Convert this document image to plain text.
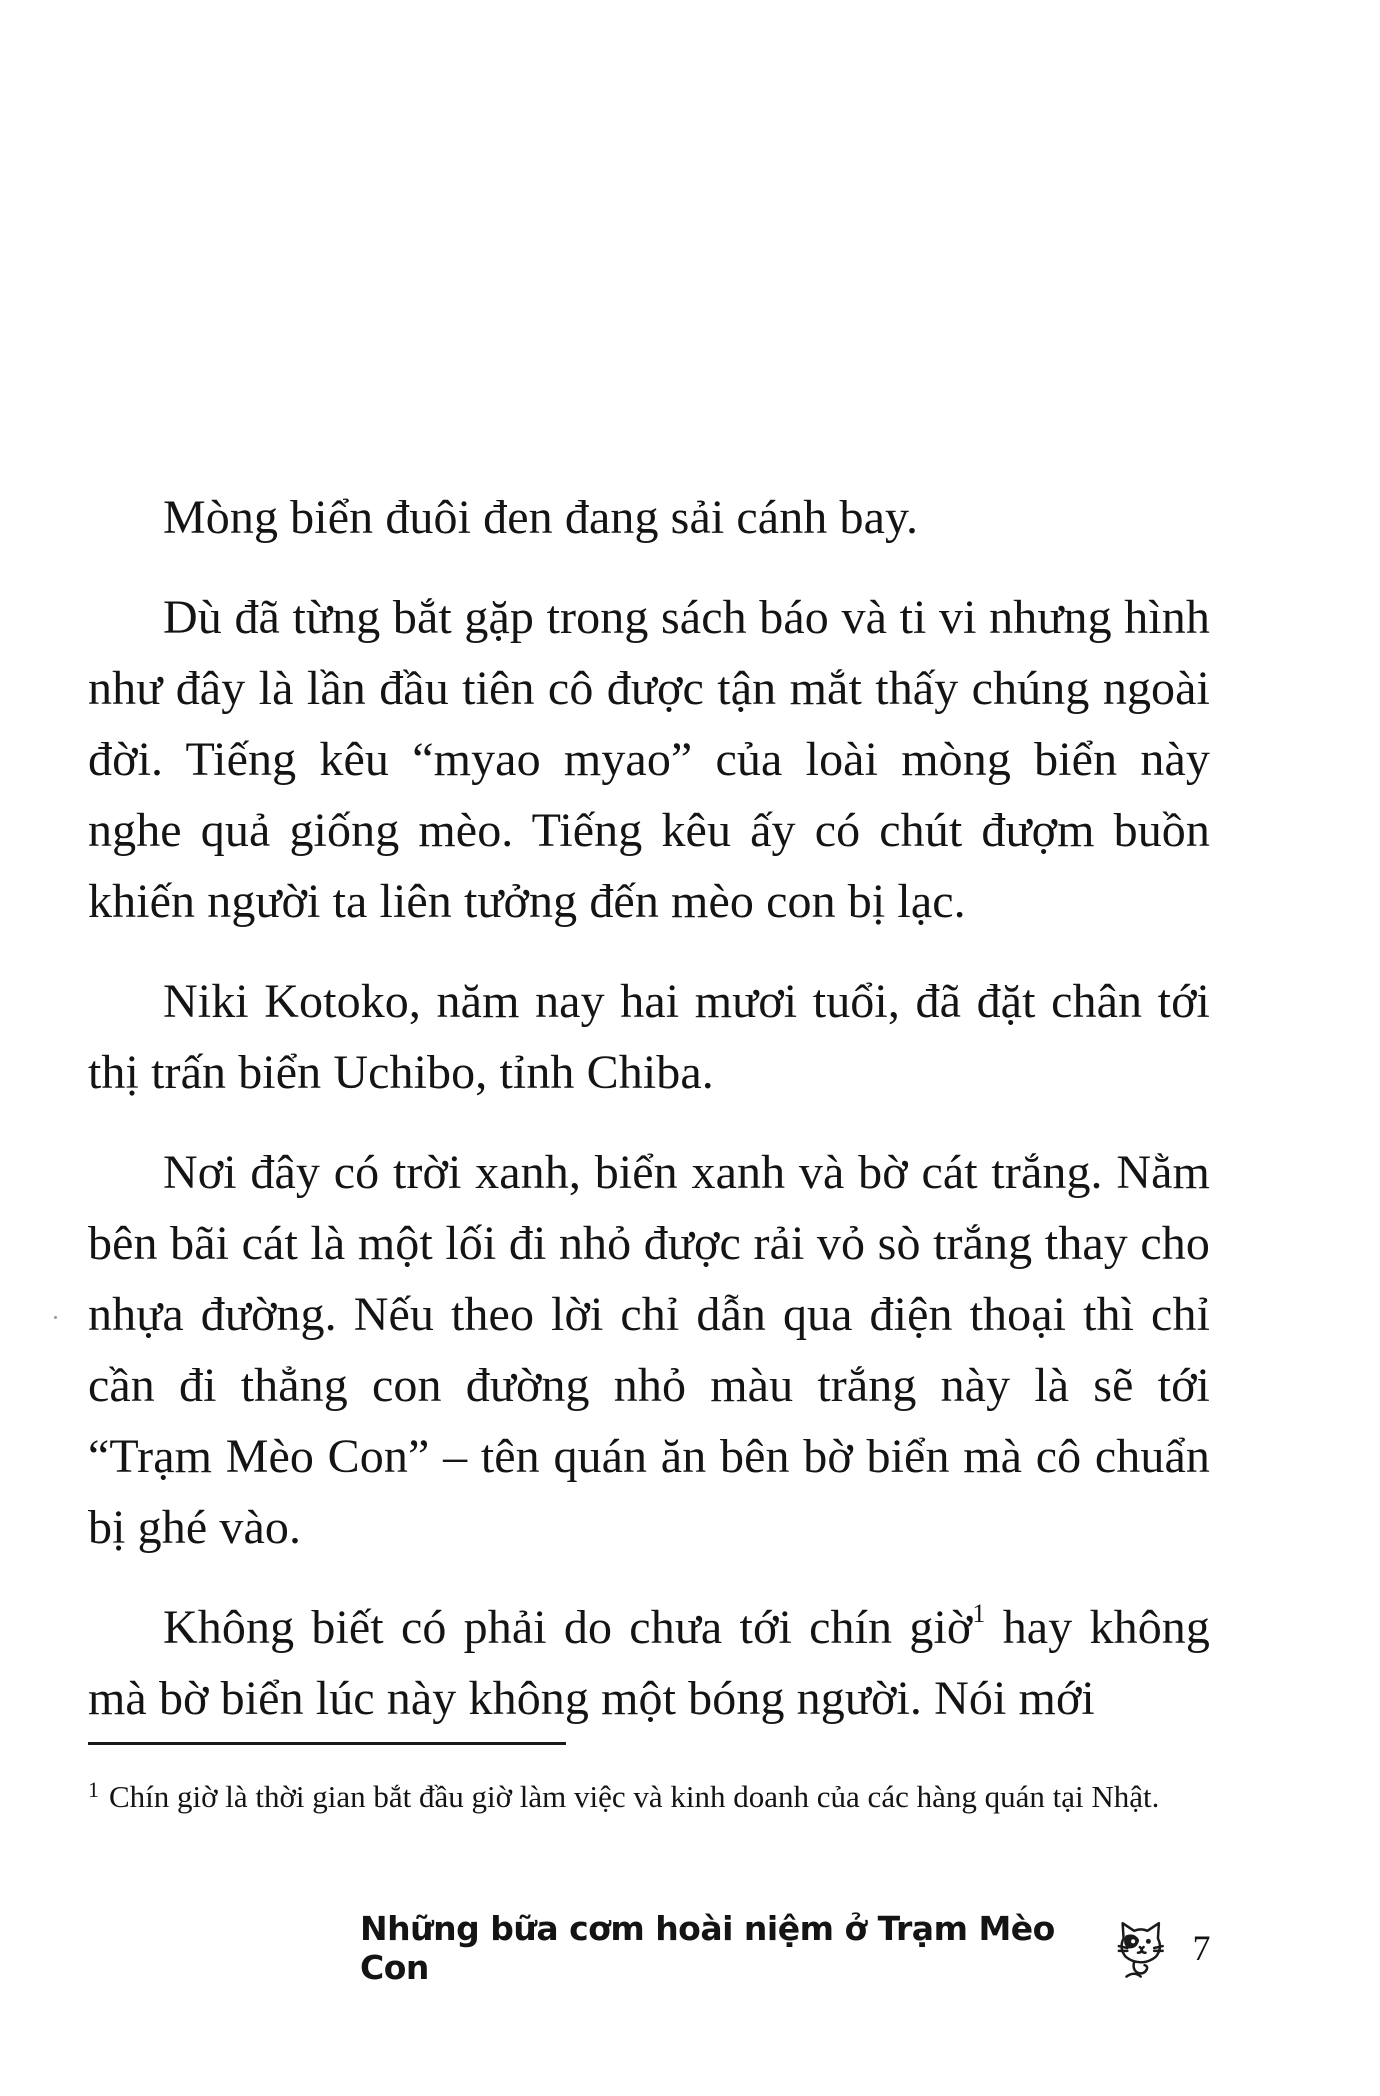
Mòng biển đuôi đen đang sải cánh bay.

Dù đã từng bắt gặp trong sách báo và ti vi nhưng hình như đây là lần đầu tiên cô được tận mắt thấy chúng ngoài đời. Tiếng kêu “myao myao” của loài mòng biển này nghe quả giống mèo. Tiếng kêu ấy có chút đượm buồn khiến người ta liên tưởng đến mèo con bị lạc.

Niki Kotoko, năm nay hai mươi tuổi, đã đặt chân tới thị trấn biển Uchibo, tỉnh Chiba.

Nơi đây có trời xanh, biển xanh và bờ cát trắng. Nằm bên bãi cát là một lối đi nhỏ được rải vỏ sò trắng thay cho nhựa đường. Nếu theo lời chỉ dẫn qua điện thoại thì chỉ cần đi thẳng con đường nhỏ màu trắng này là sẽ tới “Trạm Mèo Con” – tên quán ăn bên bờ biển mà cô chuẩn bị ghé vào.

Không biết có phải do chưa tới chín giờ$^1$ hay không mà bờ biển lúc này không một bóng người. Nói mới

$^1$ Chín giờ là thời gian bắt đầu giờ làm việc và kinh doanh của các hàng quán tại Nhật.
Những bữa cơm hoài niệm ở Trạm Mèo Con	7
